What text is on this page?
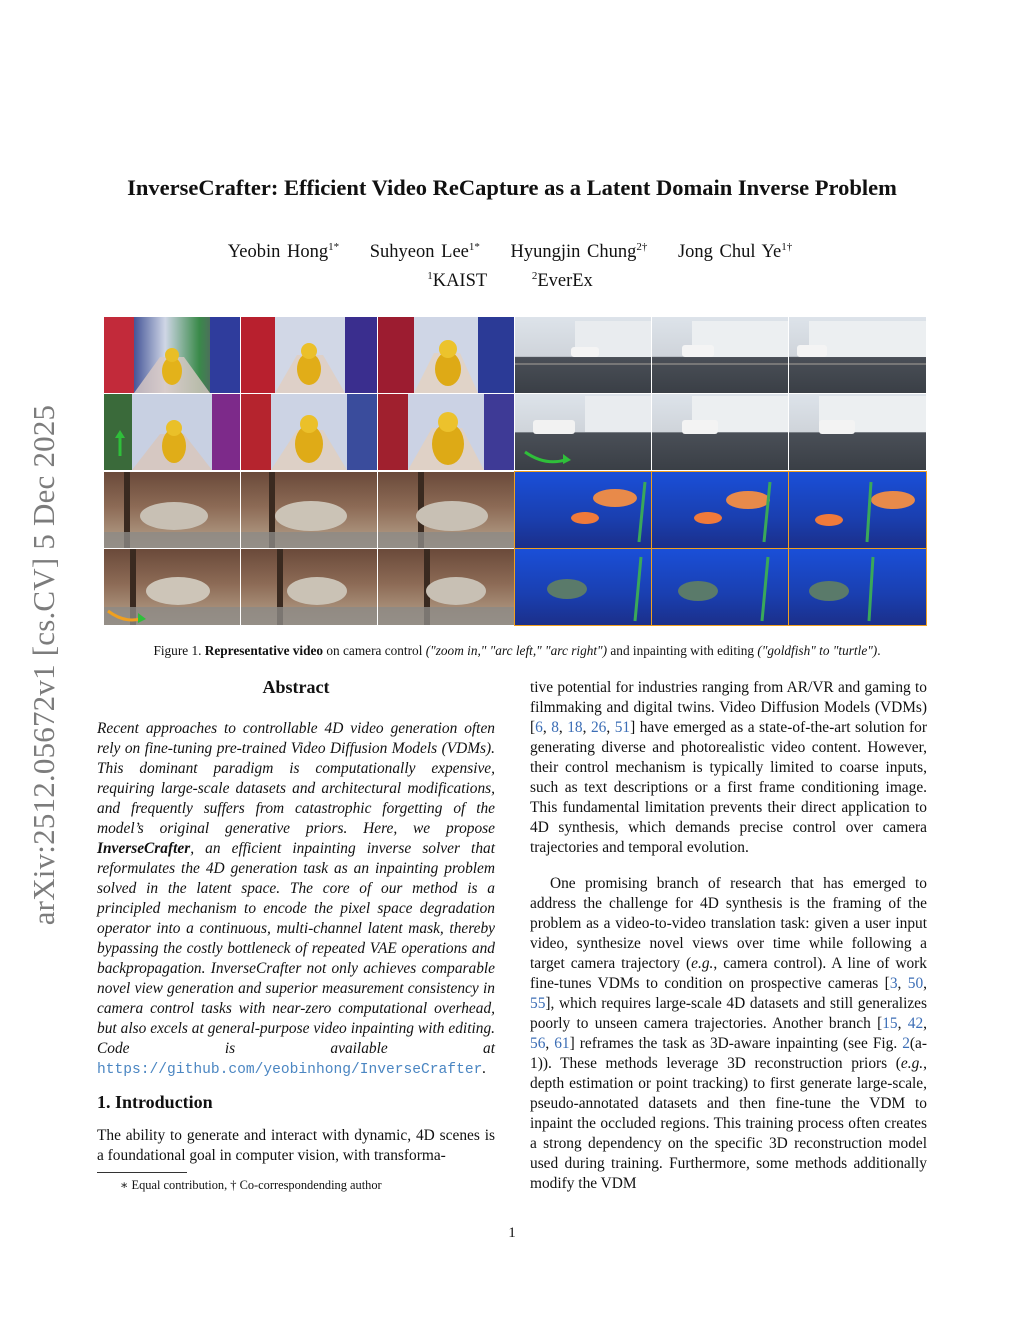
arXiv:2512.05672v1 [cs.CV] 5 Dec 2025
InverseCrafter: Efficient Video ReCapture as a Latent Domain Inverse Problem
Yeobin Hong$^{1*}$ Suhyeon Lee$^{1*}$ Hyungjin Chung$^{2\dagger}$ Jong Chul $Ye^{1\dagger}$
$^1$KAIST	$^2$EverEx
Figure 1. Representative video on camera control ("zoom in," "arc left," "arc right") and inpainting with editing ("goldfish" to "turtle").
Abstract
Recent approaches to controllable 4D video generation often rely on fine-tuning pre-trained Video Diffusion Models (VDMs). This dominant paradigm is computationally expensive, requiring large-scale datasets and architectural modifications, and frequently suffers from catastrophic forgetting of the model’s original generative priors. Here, we propose InverseCrafter, an efficient inpainting inverse solver that reformulates the 4D generation task as an inpainting problem solved in the latent space. The core of our method is a principled mechanism to encode the pixel space degradation operator into a continuous, multi-channel latent mask, thereby bypassing the costly bottleneck of repeated VAE operations and backpropagation. InverseCrafter not only achieves comparable novel view generation and superior measurement consistency in camera control tasks with near-zero computational overhead, but also excels at general-purpose video inpainting with editing. Code is available at https://github.com/yeobinhong/InverseCrafter.
1. Introduction
The ability to generate and interact with dynamic, 4D scenes is a foundational goal in computer vision, with transforma-
∗ Equal contribution, † Co-correspondending author
tive potential for industries ranging from AR/VR and gaming to filmmaking and digital twins. Video Diffusion Models (VDMs) [6, 8, 18, 26, 51] have emerged as a state-of-the-art solution for generating diverse and photorealistic video content. However, their control mechanism is typically limited to coarse inputs, such as text descriptions or a first frame conditioning image. This fundamental limitation prevents their direct application to 4D synthesis, which demands precise control over camera trajectories and temporal evolution.
One promising branch of research that has emerged to address the challenge for 4D synthesis is the framing of the problem as a video-to-video translation task: given a user input video, synthesize novel views over time while following a target camera trajectory (e.g., camera control). A line of work fine-tunes VDMs to condition on prospective cameras [3, 50, 55], which requires large-scale 4D datasets and still generalizes poorly to unseen camera trajectories. Another branch [15, 42, 56, 61] reframes the task as 3D-aware inpainting (see Fig. 2(a-1)). These methods leverage 3D reconstruction priors (e.g., depth estimation or point tracking) to first generate large-scale, pseudo-annotated datasets and then fine-tune the VDM to inpaint the occluded regions. This training process often creates a strong dependency on the specific 3D reconstruction model used during training. Furthermore, some methods additionally modify the VDM
1
